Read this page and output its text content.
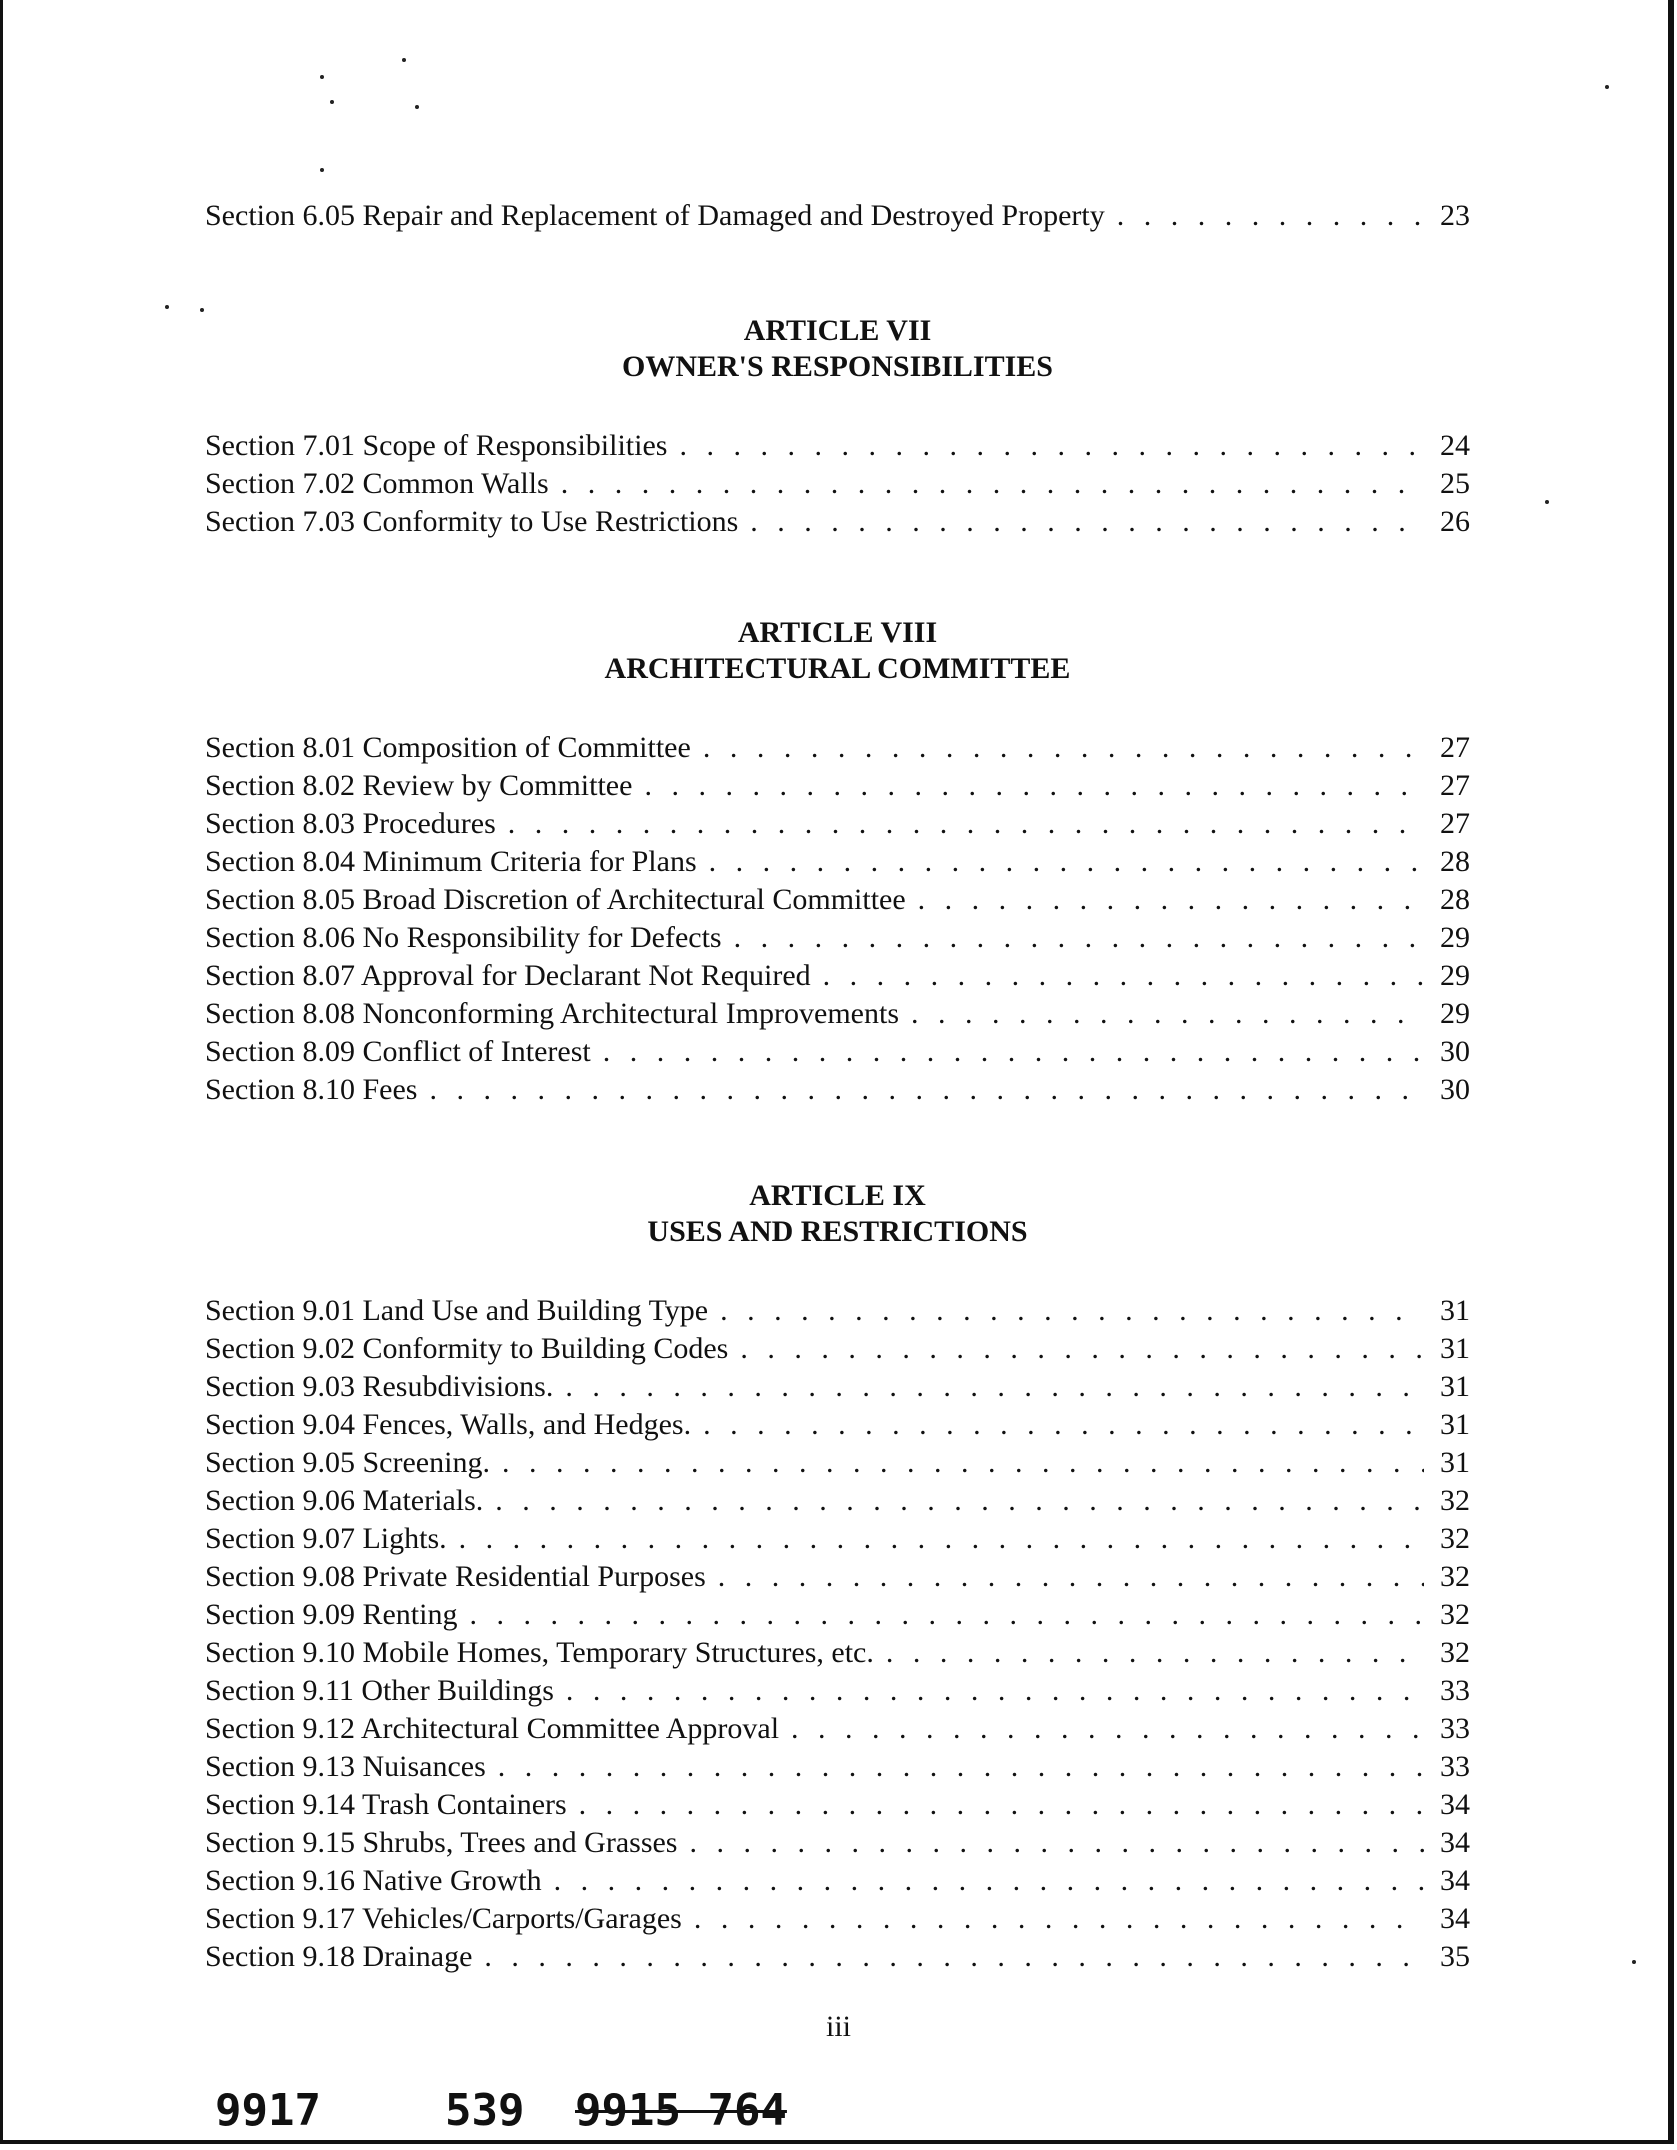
Section 6.05 Repair and Replacement of Damaged and Destroyed Property . . .	23
ARTICLE VII
OWNER'S RESPONSIBILITIES
Section 7.01 Scope of Responsibilities . . .	24
Section 7.02 Common Walls . . .	25
Section 7.03 Conformity to Use Restrictions . . .	26
ARTICLE VIII
ARCHITECTURAL COMMITTEE
Section 8.01 Composition of Committee . . .	27
Section 8.02 Review by Committee . . .	27
Section 8.03 Procedures . . .	27
Section 8.04 Minimum Criteria for Plans . . .	28
Section 8.05 Broad Discretion of Architectural Committee . . .	28
Section 8.06 No Responsibility for Defects . . .	29
Section 8.07 Approval for Declarant Not Required . . .	29
Section 8.08 Nonconforming Architectural Improvements . . .	29
Section 8.09 Conflict of Interest . . .	30
Section 8.10 Fees . . .	30
ARTICLE IX
USES AND RESTRICTIONS
Section 9.01 Land Use and Building Type . . .	31
Section 9.02 Conformity to Building Codes . . .	31
Section 9.03 Resubdivisions. . . .	31
Section 9.04 Fences, Walls, and Hedges. . . .	31
Section 9.05 Screening. . . .	31
Section 9.06 Materials. . . .	32
Section 9.07 Lights. . . .	32
Section 9.08 Private Residential Purposes . . .	32
Section 9.09 Renting . . .	32
Section 9.10 Mobile Homes, Temporary Structures, etc. . . .	32
Section 9.11 Other Buildings . . .	33
Section 9.12 Architectural Committee Approval . . .	33
Section 9.13 Nuisances . . .	33
Section 9.14 Trash Containers . . .	34
Section 9.15 Shrubs, Trees and Grasses . . .	34
Section 9.16 Native Growth . . .	34
Section 9.17 Vehicles/Carports/Garages . . .	34
Section 9.18 Drainage . . .	35
iii
9917	539 9915 764
